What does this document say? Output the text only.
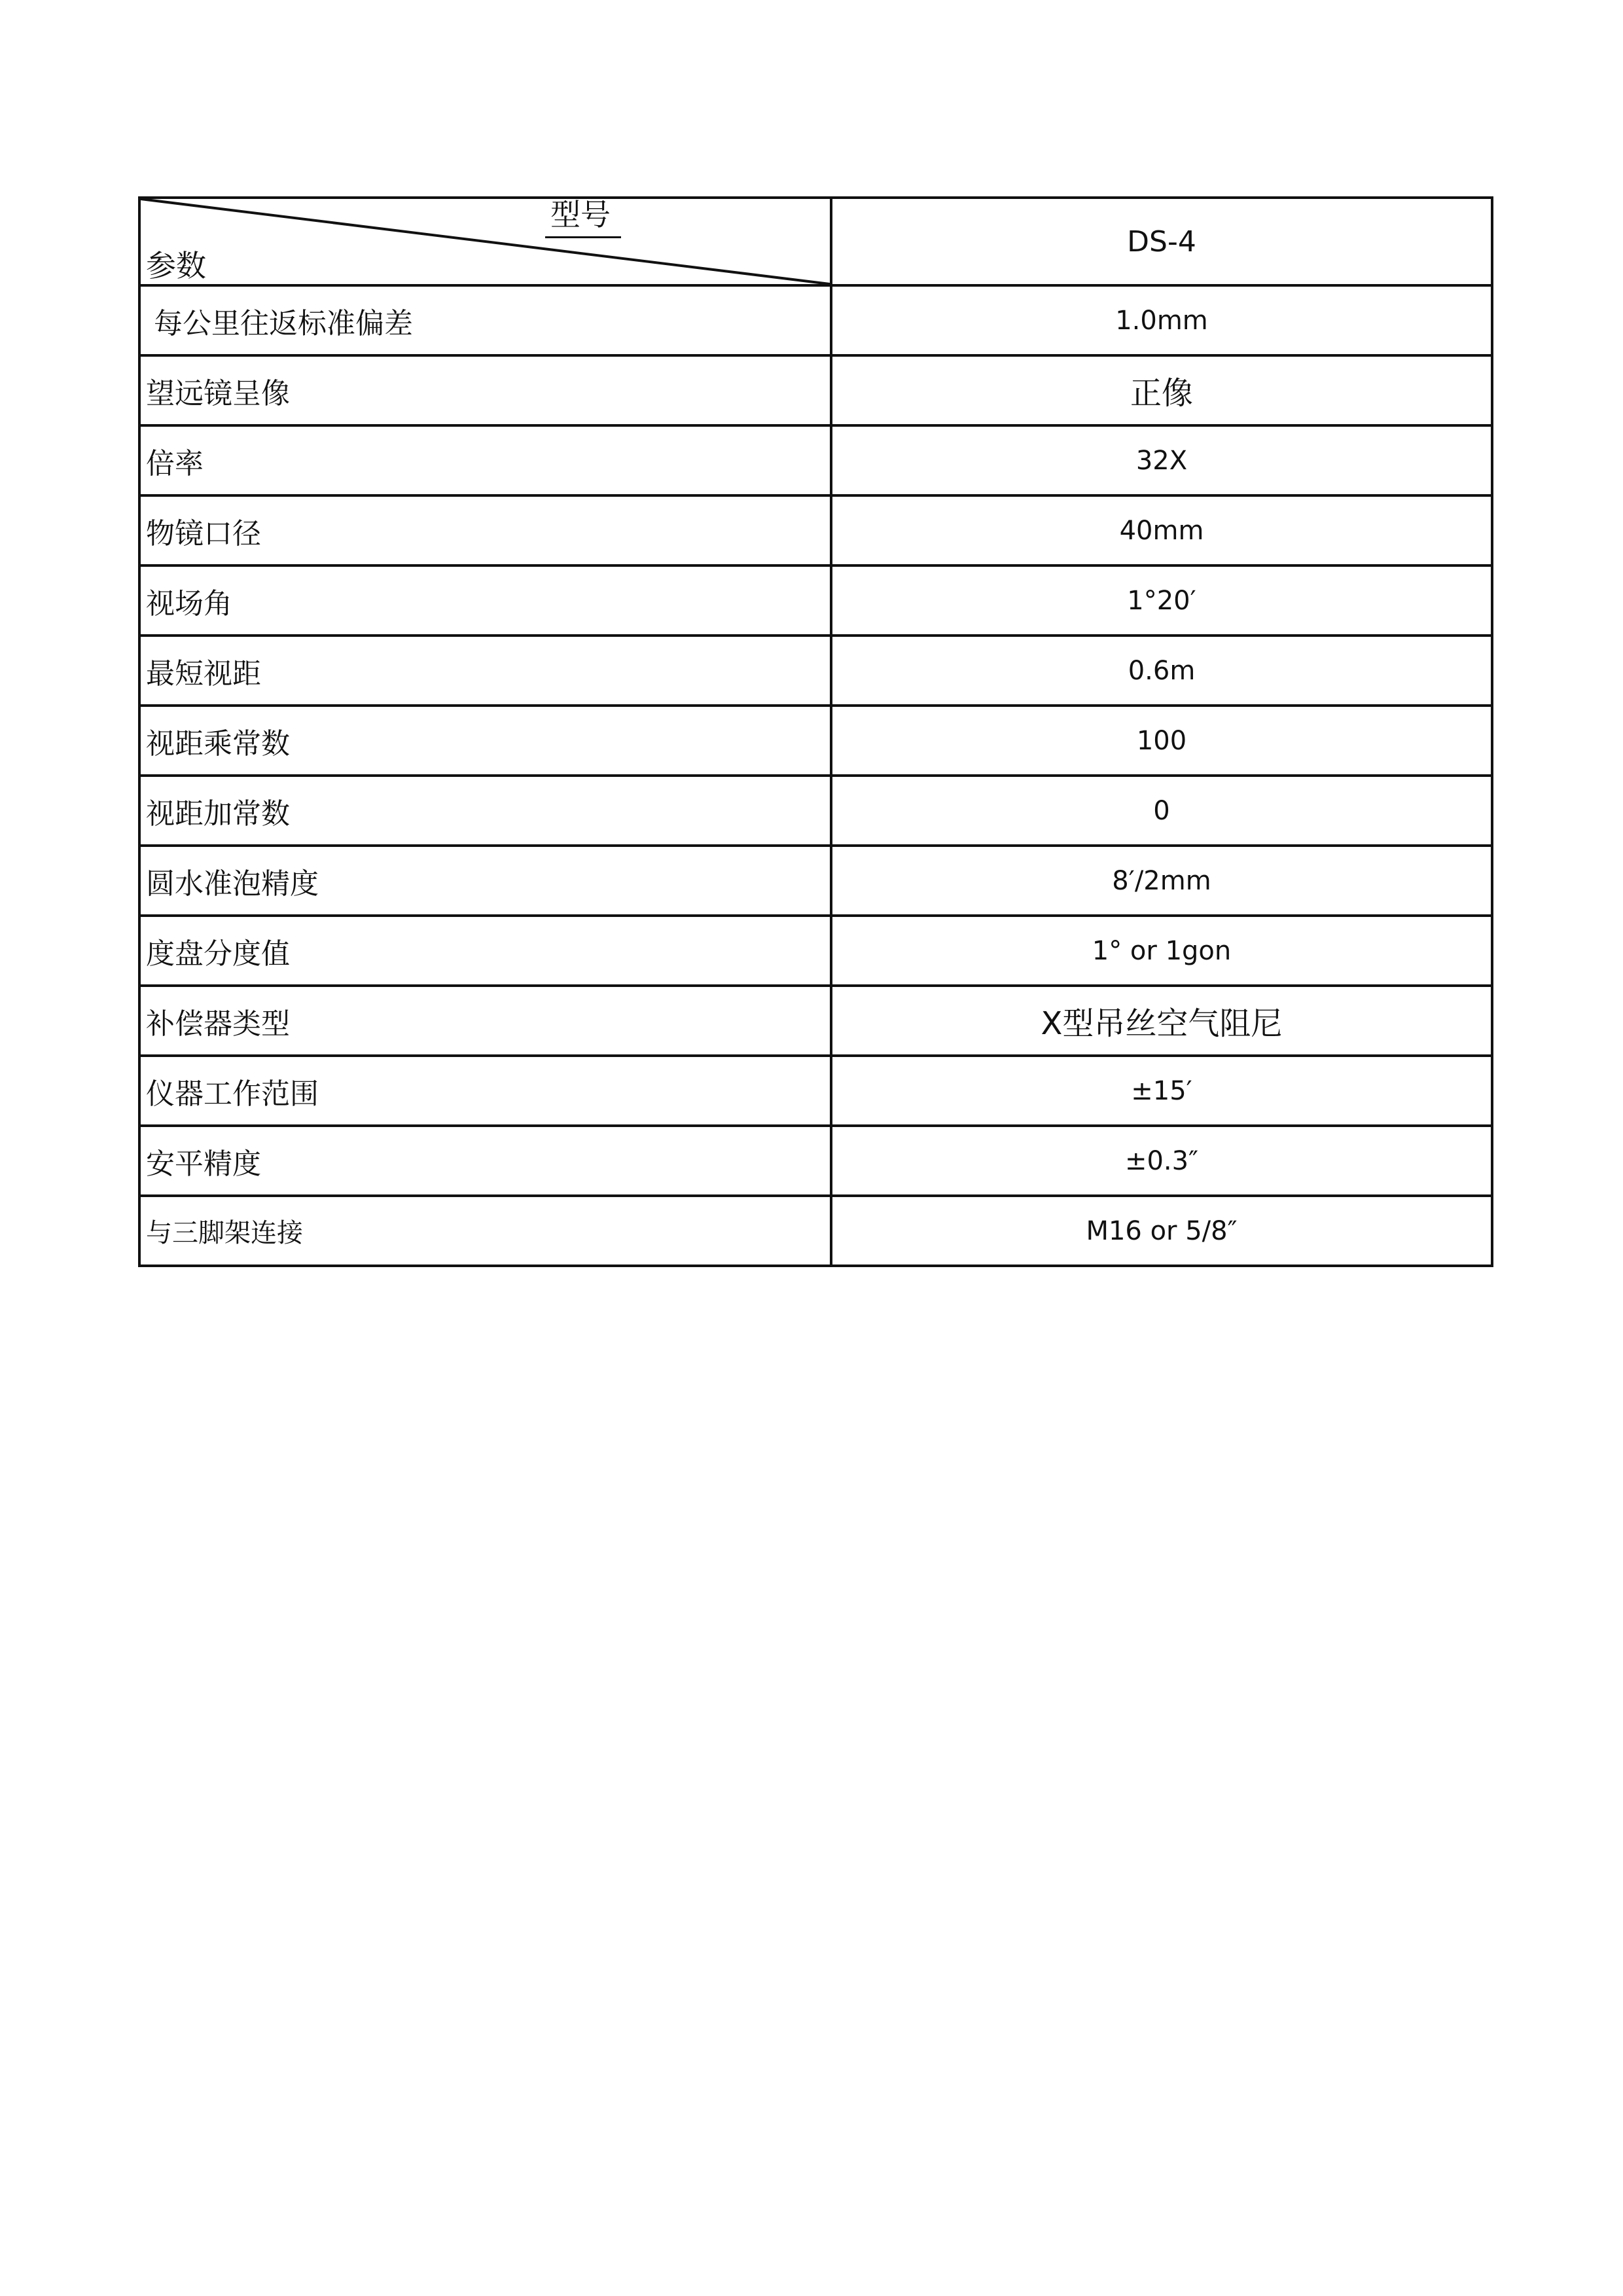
型号
参数	DS-4
每公里往返标准偏差	1.0mm
望远镜呈像	正像
倍率	32X
物镜口径	40mm
视场角	1°20′
最短视距	0.6m
视距乘常数	100
视距加常数	0
圆水准泡精度	8′/2mm
度盘分度值	1° or 1gon
补偿器类型	X型吊丝空气阻尼
仪器工作范围	±15′
安平精度	±0.3″
与三脚架连接	M16 or 5/8″
